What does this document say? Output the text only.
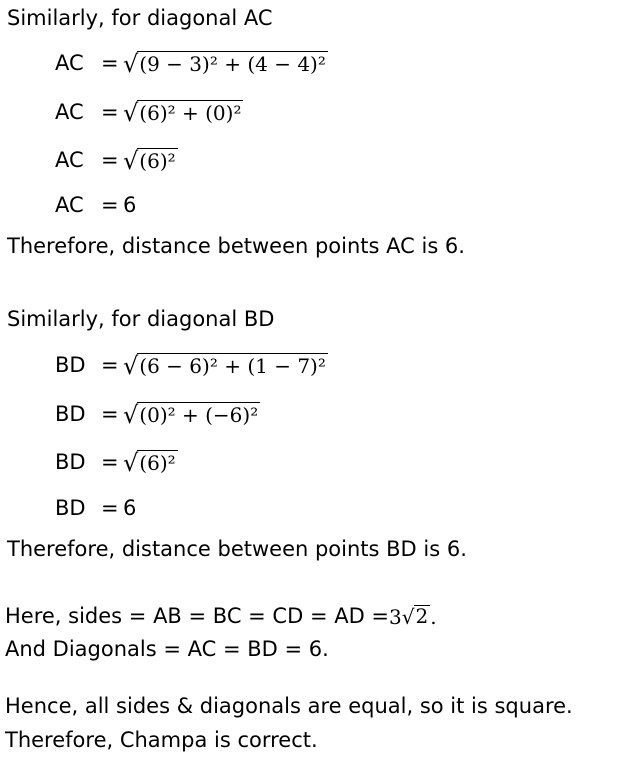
Similarly, for diagonal AC
AC = √ (9 − 3)² + (4 − 4)²
AC = √ (6)² + (0)²
AC = √ (6)²
AC = 6
Therefore, distance between points AC is 6.
Similarly, for diagonal BD
BD = √ (6 − 6)² + (1 − 7)²
BD = √ (0)² + (−6)²
BD = √ (6)²
BD = 6
Therefore, distance between points BD is 6.
Here, sides = AB = BC = CD = AD = 3 √ 2 .
And Diagonals = AC = BD = 6.
Hence, all sides & diagonals are equal, so it is square.
Therefore, Champa is correct.
